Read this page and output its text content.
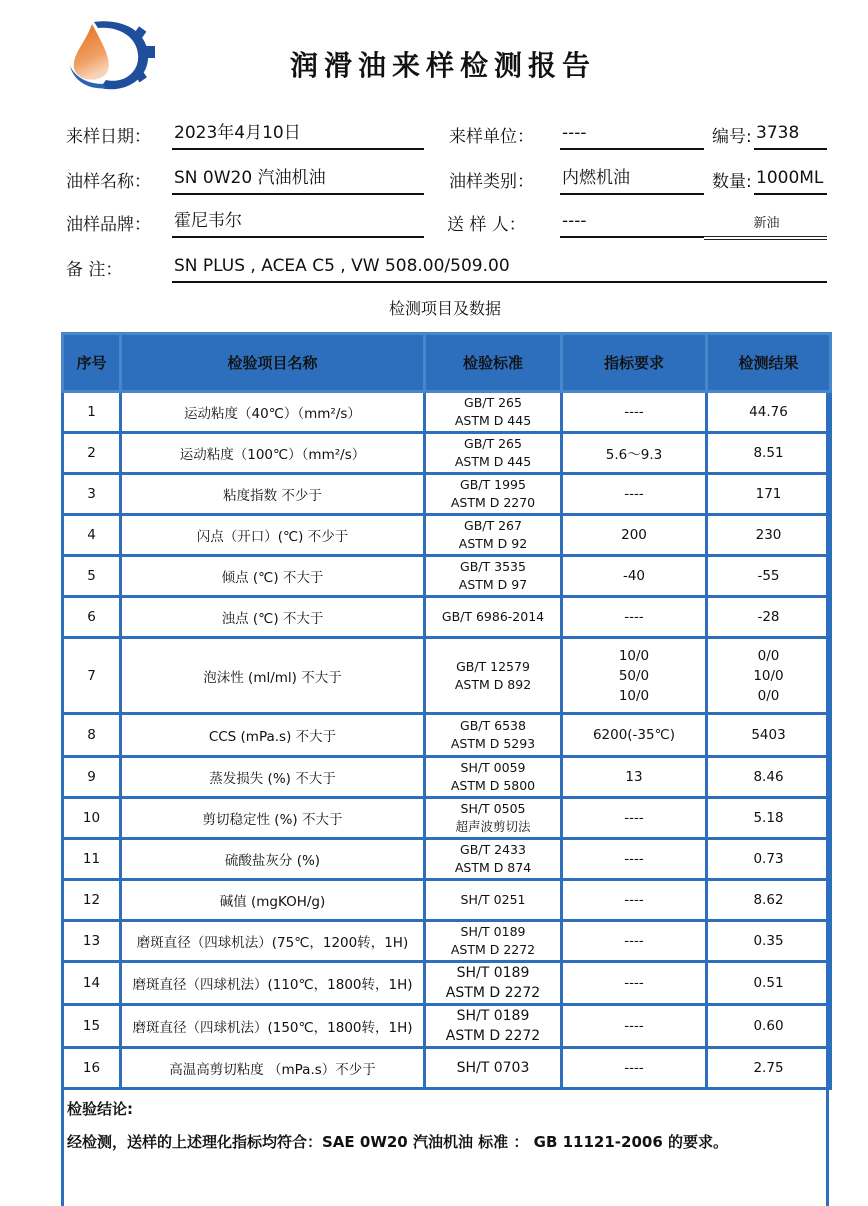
润滑油来样检测报告
来样日期： 2023年4月10日	来样单位： ----	编号: 3738
油样名称： SN 0W20 汽油机油	油样类别： 内燃机油	数量: 1000ML
油样品牌： 霍尼韦尔	送 样 人： ----	新油
备 注：	SN PLUS , ACEA C5 , VW 508.00/509.00
检测项目及数据
序号	检验项目名称	检验标准	指标要求	检测结果
1	运动粘度（40℃）（mm²/s）	GB/T 265
ASTM D 445	----	44.76
2	运动粘度（100℃）（mm²/s）	GB/T 265
ASTM D 445	5.6～9.3	8.51
3	粘度指数 不少于	GB/T 1995
ASTM D 2270	----	171
4	闪点（开口）(℃) 不少于	GB/T 267
ASTM D 92	200	230
5	倾点 (℃) 不大于	GB/T 3535
ASTM D 97	-40	-55
6	浊点 (℃) 不大于	GB/T 6986-2014	----	-28
7	泡沫性 (ml/ml) 不大于	GB/T 12579
ASTM D 892	10/0
50/0
10/0	0/0
10/0
0/0

8	CCS (mPa.s) 不大于	GB/T 6538
ASTM D 5293	6200(-35℃)	5403
9	蒸发损失 (%) 不大于	SH/T 0059
ASTM D 5800	13	8.46
10	剪切稳定性 (%) 不大于	SH/T 0505
超声波剪切法	----	5.18
11	硫酸盐灰分 (%)	GB/T 2433
ASTM D 874	----	0.73
12	碱值 (mgKOH/g)	SH/T 0251	----	8.62
13	磨斑直径（四球机法）(75℃，1200转，1H)	SH/T 0189
ASTM D 2272	----	0.35
14	磨斑直径（四球机法）(110℃，1800转，1H)	SH/T 0189
ASTM D 2272	----	0.51
15	磨斑直径（四球机法）(150℃，1800转，1H)	SH/T 0189
ASTM D 2272	----	0.60
16	高温高剪切粘度 （mPa.s）不少于	SH/T 0703	----	2.75
检验结论:
经检测，送样的上述理化指标均符合：SAE 0W20 汽油机油 标准 ： GB 11121-2006 的要求。
